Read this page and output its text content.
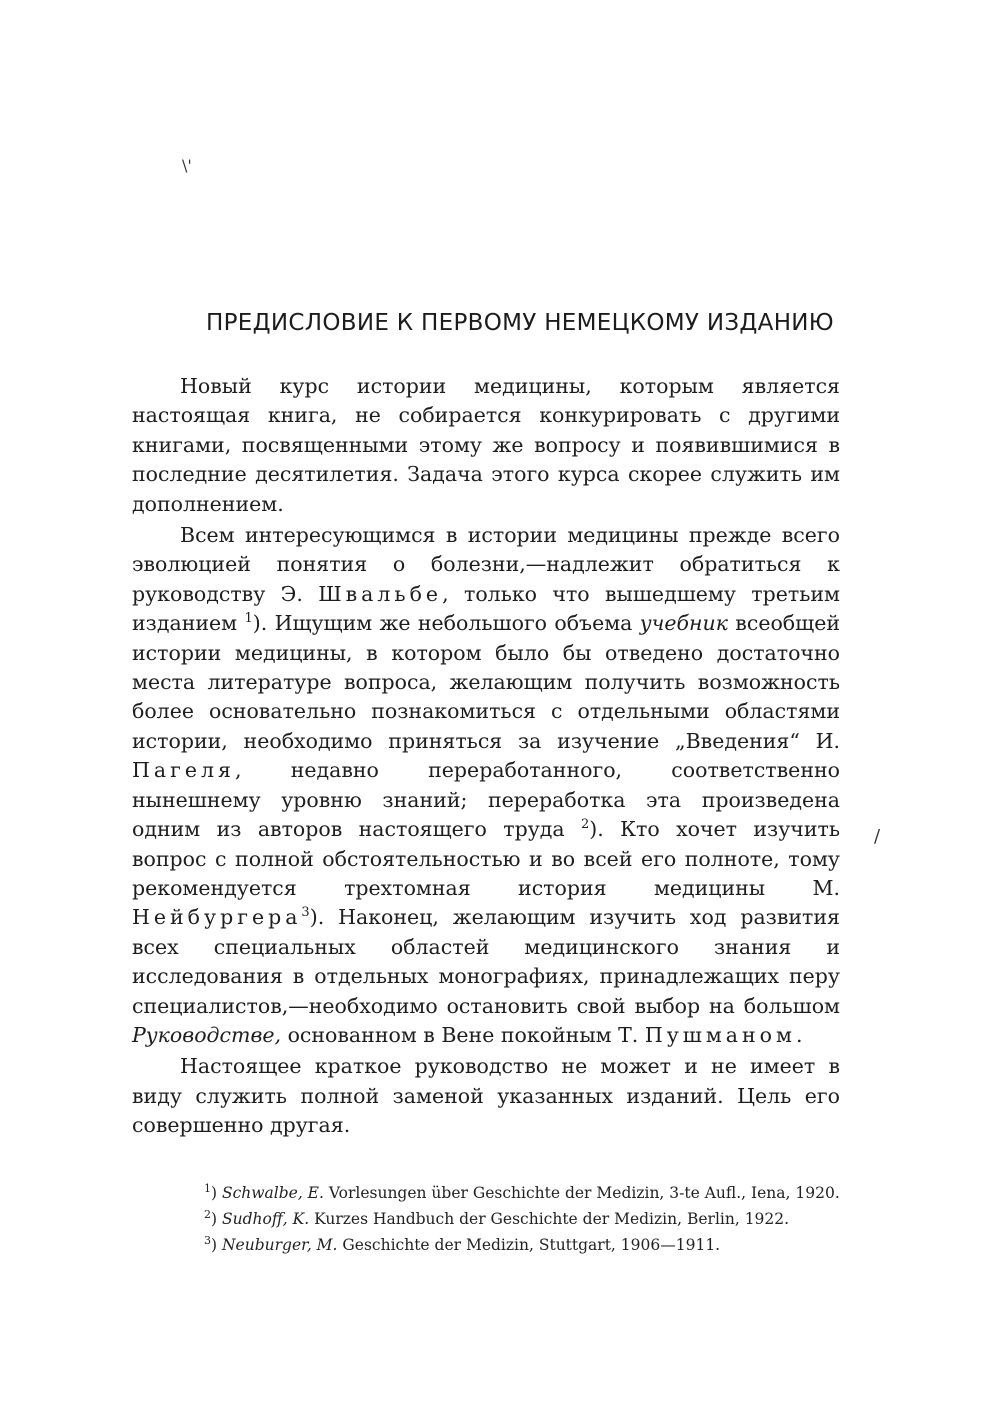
\'
/
ПРЕДИСЛОВИЕ К ПЕРВОМУ НЕМЕЦКОМУ ИЗДАНИЮ

Новый курс истории медицины, которым является настоящая книга, не собирается конкурировать с другими книгами, посвященными этому же вопросу и появившимися в последние десятилетия. Задача этого курса скорее служить им дополнением.

Всем интересующимся в истории медицины прежде всего эволюцией понятия о болезни,—надлежит обратиться к руководству Э. Швальбе, только что вышедшему третьим изданием $^1$). Ищущим же небольшого объема учебник всеобщей истории медицины, в котором было бы отведено достаточно места литературе вопроса, желающим получить возможность более основательно познакомиться с отдельными областями истории, необходимо приняться за изучение „Введения“ И. Пагеля, недавно переработанного, соответственно нынешнему уровню знаний; переработка эта произведена одним из авторов настоящего труда $^2$). Кто хочет изучить вопрос с полной обстоятельностью и во всей его полноте, тому рекомендуется трехтомная история медицины М. Нейбургера$^3$). Наконец, желающим изучить ход развития всех специальных областей медицинского знания и исследования в отдельных монографиях, принадлежащих перу специалистов,—необходимо остановить свой выбор на большом Руководстве, основанном в Вене покойным Т. Пушманом.

Настоящее краткое руководство не может и не имеет в виду служить полной заменой указанных изданий. Цель его совершенно другая.

$^1$) Schwalbe, E. Vorlesungen über Geschichte der Medizin, 3-te Aufl., Iena, 1920.
$^2$) Sudhoff, K. Kurzes Handbuch der Geschichte der Medizin, Berlin, 1922.
$^3$) Neuburger, M. Geschichte der Medizin, Stuttgart, 1906—1911.
